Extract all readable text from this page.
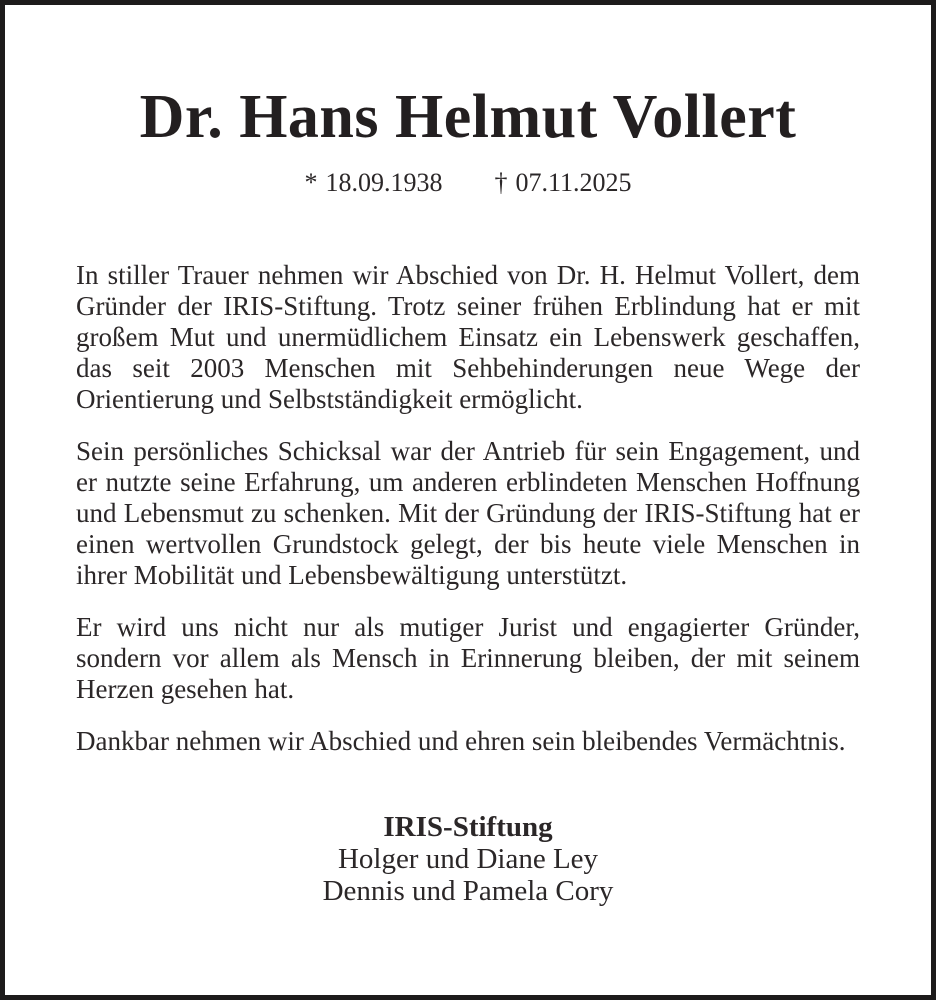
Dr. Hans Helmut Vollert
* 18.09.1938 † 07.11.2025

In stiller Trauer nehmen wir Abschied von Dr. H. Helmut Vollert, dem Gründer der IRIS-Stiftung. Trotz seiner frühen Erblindung hat er mit großem Mut und unermüdlichem Einsatz ein Lebenswerk geschaffen, das seit 2003 Menschen mit Sehbehinderungen neue Wege der Orientierung und Selbstständigkeit ermöglicht.

Sein persönliches Schicksal war der Antrieb für sein Engagement, und er nutzte seine Erfahrung, um anderen erblindeten Menschen Hoffnung und Lebensmut zu schenken. Mit der Gründung der IRIS-Stiftung hat er einen wertvollen Grundstock gelegt, der bis heute viele Menschen in ihrer Mobilität und Lebensbewältigung unterstützt.

Er wird uns nicht nur als mutiger Jurist und engagierter Gründer, sondern vor allem als Mensch in Erinnerung bleiben, der mit seinem Herzen gesehen hat.

Dankbar nehmen wir Abschied und ehren sein bleibendes Vermächtnis.

IRIS-Stiftung
Holger und Diane Ley
Dennis und Pamela Cory
